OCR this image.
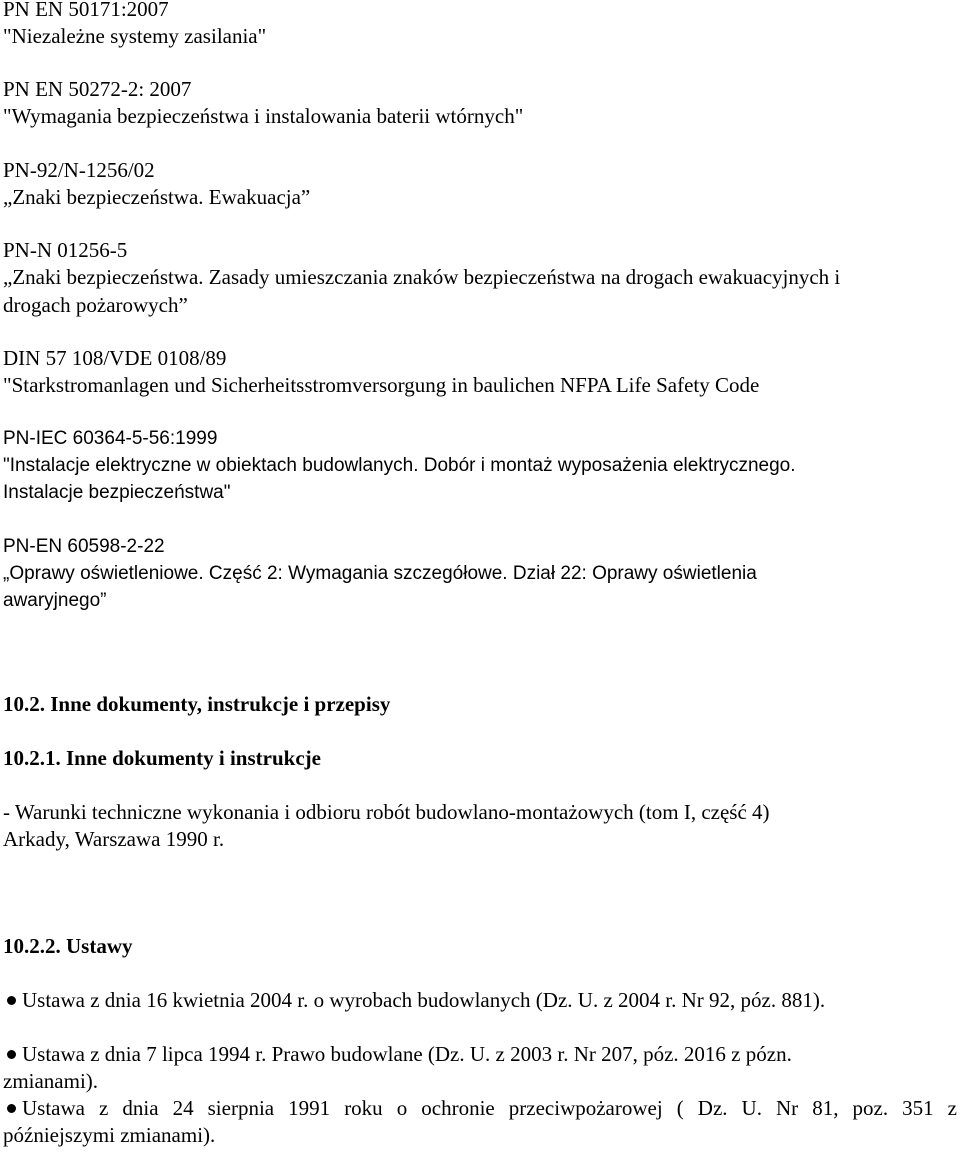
PN EN 50171:2007
"Niezależne systemy zasilania"
PN EN 50272-2: 2007
"Wymagania bezpieczeństwa i instalowania baterii wtórnych"
PN-92/N-1256/02
„Znaki bezpieczeństwa. Ewakuacja”
PN-N 01256-5
„Znaki bezpieczeństwa. Zasady umieszczania znaków bezpieczeństwa na drogach ewakuacyjnych i
drogach pożarowych”
DIN 57 108/VDE 0108/89
"Starkstromanlagen und Sicherheitsstromversorgung in baulichen NFPA Life Safety Code
PN-IEC 60364-5-56:1999
"Instalacje elektryczne w obiektach budowlanych. Dobór i montaż wyposażenia elektrycznego.
Instalacje bezpieczeństwa"
PN-EN 60598-2-22
„Oprawy oświetleniowe. Część 2: Wymagania szczegółowe. Dział 22: Oprawy oświetlenia
awaryjnego”
10.2. Inne dokumenty, instrukcje i przepisy
10.2.1. Inne dokumenty i instrukcje
- Warunki techniczne wykonania i odbioru robót budowlano-montażowych (tom I, część 4)
Arkady, Warszawa 1990 r.
10.2.2. Ustawy
Ustawa z dnia 16 kwietnia 2004 r. o wyrobach budowlanych (Dz. U. z 2004 r. Nr 92, póz. 881).
Ustawa z dnia 7 lipca 1994 r. Prawo budowlane (Dz. U. z 2003 r. Nr 207, póz. 2016 z pózn.
zmianami).
Ustawa z dnia 24 sierpnia 1991 roku o ochronie przeciwpożarowej ( Dz. U. Nr 81, poz. 351 z
późniejszymi zmianami).
